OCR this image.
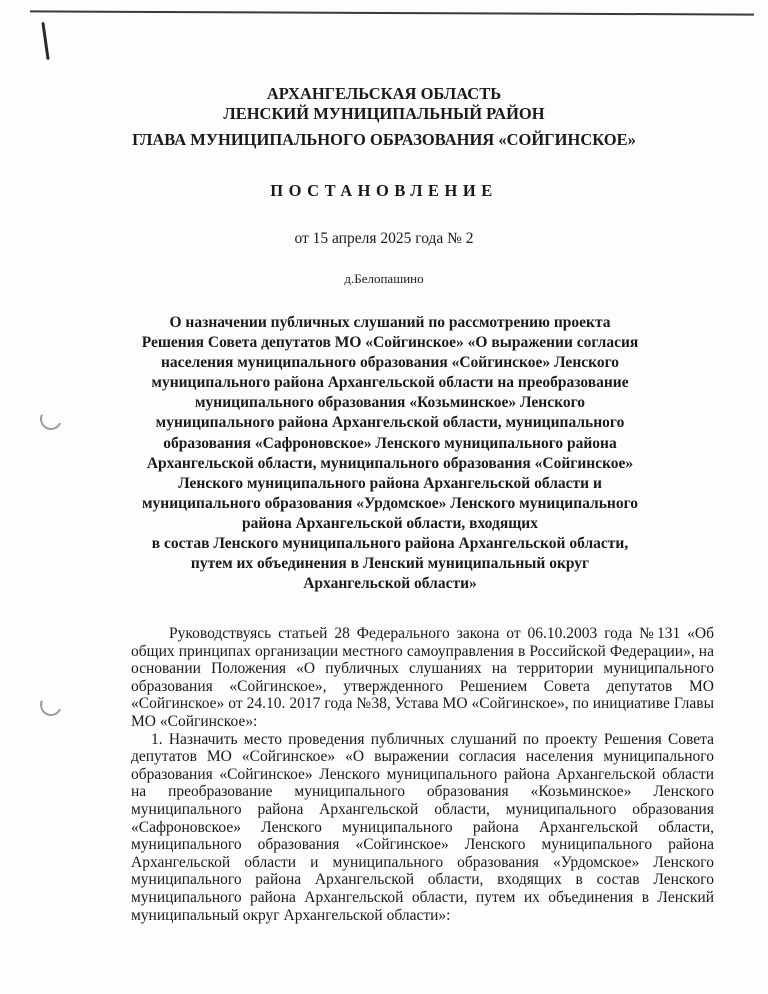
АРХАНГЕЛЬСКАЯ ОБЛАСТЬ
ЛЕНСКИЙ МУНИЦИПАЛЬНЫЙ РАЙОН
ГЛАВА МУНИЦИПАЛЬНОГО ОБРАЗОВАНИЯ «СОЙГИНСКОЕ»
ПОСТАНОВЛЕНИЕ
от 15 апреля 2025 года № 2
д.Белопашино
О назначении публичных слушаний по рассмотрению проекта
Решения Совета депутатов МО «Сойгинское» «О выражении согласия
населения муниципального образования «Сойгинское» Ленского
муниципального района Архангельской области на преобразование
муниципального образования «Козьминское» Ленского
муниципального района Архангельской области, муниципального
образования «Сафроновское» Ленского муниципального района
Архангельской области, муниципального образования «Сойгинское»
Ленского муниципального района Архангельской области и
муниципального образования «Урдомское» Ленского муниципального
района Архангельской области, входящих
в состав Ленского муниципального района Архангельской области,
путем их объединения в Ленский муниципальный округ
Архангельской области»

Руководствуясь статьей 28 Федерального закона от 06.10.2003 года №131 «Об общих принципах организации местного самоуправления в Российской Федерации», на основании Положения «О публичных слушаниях на территории муниципального образования «Сойгинское», утвержденного Решением Совета депутатов МО «Сойгинское» от 24.10. 2017 года №38, Устава МО «Сойгинское», по инициативе Главы МО «Сойгинское»:

1. Назначить место проведения публичных слушаний по проекту Решения Совета депутатов МО «Сойгинское» «О выражении согласия населения муниципального образования «Сойгинское» Ленского муниципального района Архангельской области на преобразование муниципального образования «Козьминское» Ленского муниципального района Архангельской области, муниципального образования «Сафроновское» Ленского муниципального района Архангельской области, муниципального образования «Сойгинское» Ленского муниципального района Архангельской области и муниципального образования «Урдомское» Ленского муниципального района Архангельской области, входящих в состав Ленского муниципального района Архангельской области, путем их объединения в Ленский муниципальный округ Архангельской области»:
